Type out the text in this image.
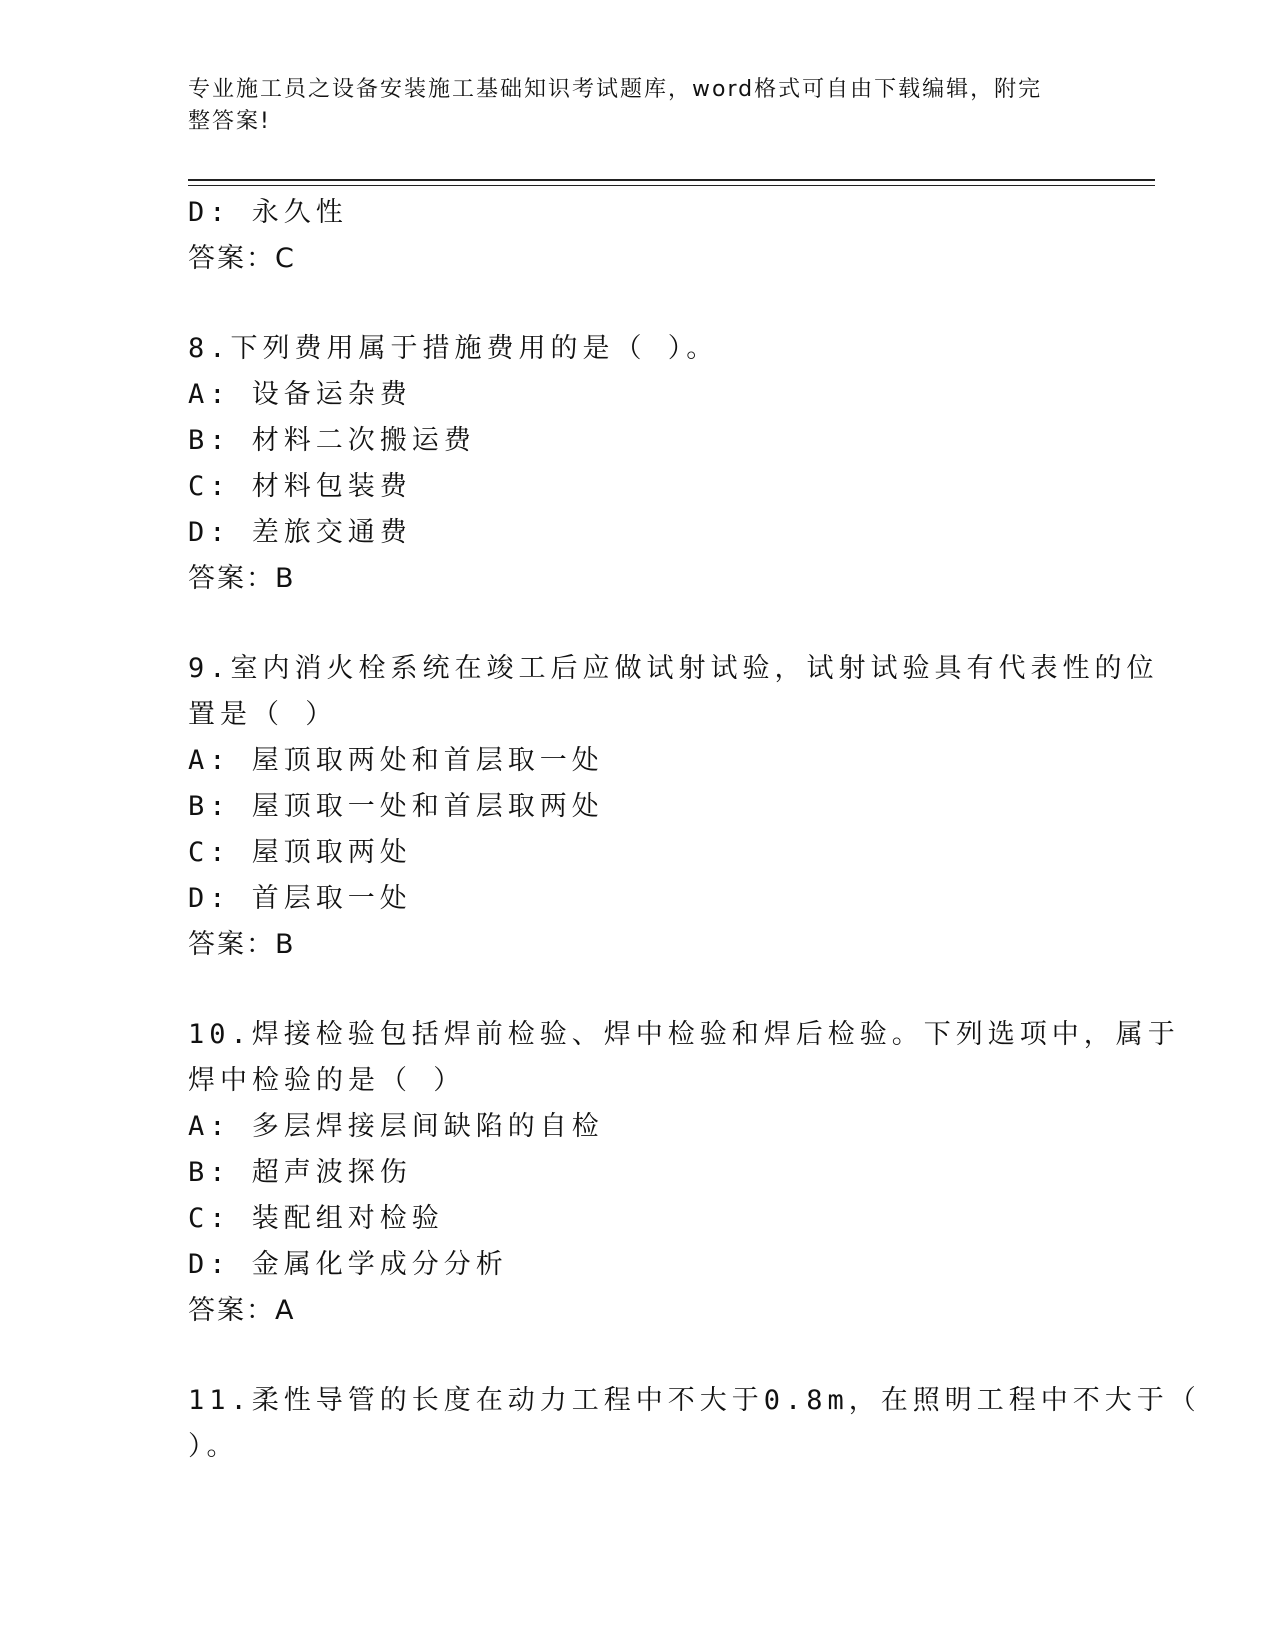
专业施工员之设备安装施工基础知识考试题库，word格式可自由下载编辑，附完
整答案!
D: 永久性
答案：C
8.下列费用属于措施费用的是（ ）。
A: 设备运杂费
B: 材料二次搬运费
C: 材料包装费
D: 差旅交通费
答案：B
9.室内消火栓系统在竣工后应做试射试验，试射试验具有代表性的位
置是（ ）
A: 屋顶取两处和首层取一处
B: 屋顶取一处和首层取两处
C: 屋顶取两处
D: 首层取一处
答案：B
10.焊接检验包括焊前检验、焊中检验和焊后检验。下列选项中，属于
焊中检验的是（ ）
A: 多层焊接层间缺陷的自检
B: 超声波探伤
C: 装配组对检验
D: 金属化学成分分析
答案：A
11.柔性导管的长度在动力工程中不大于0.8m，在照明工程中不大于（
）。
